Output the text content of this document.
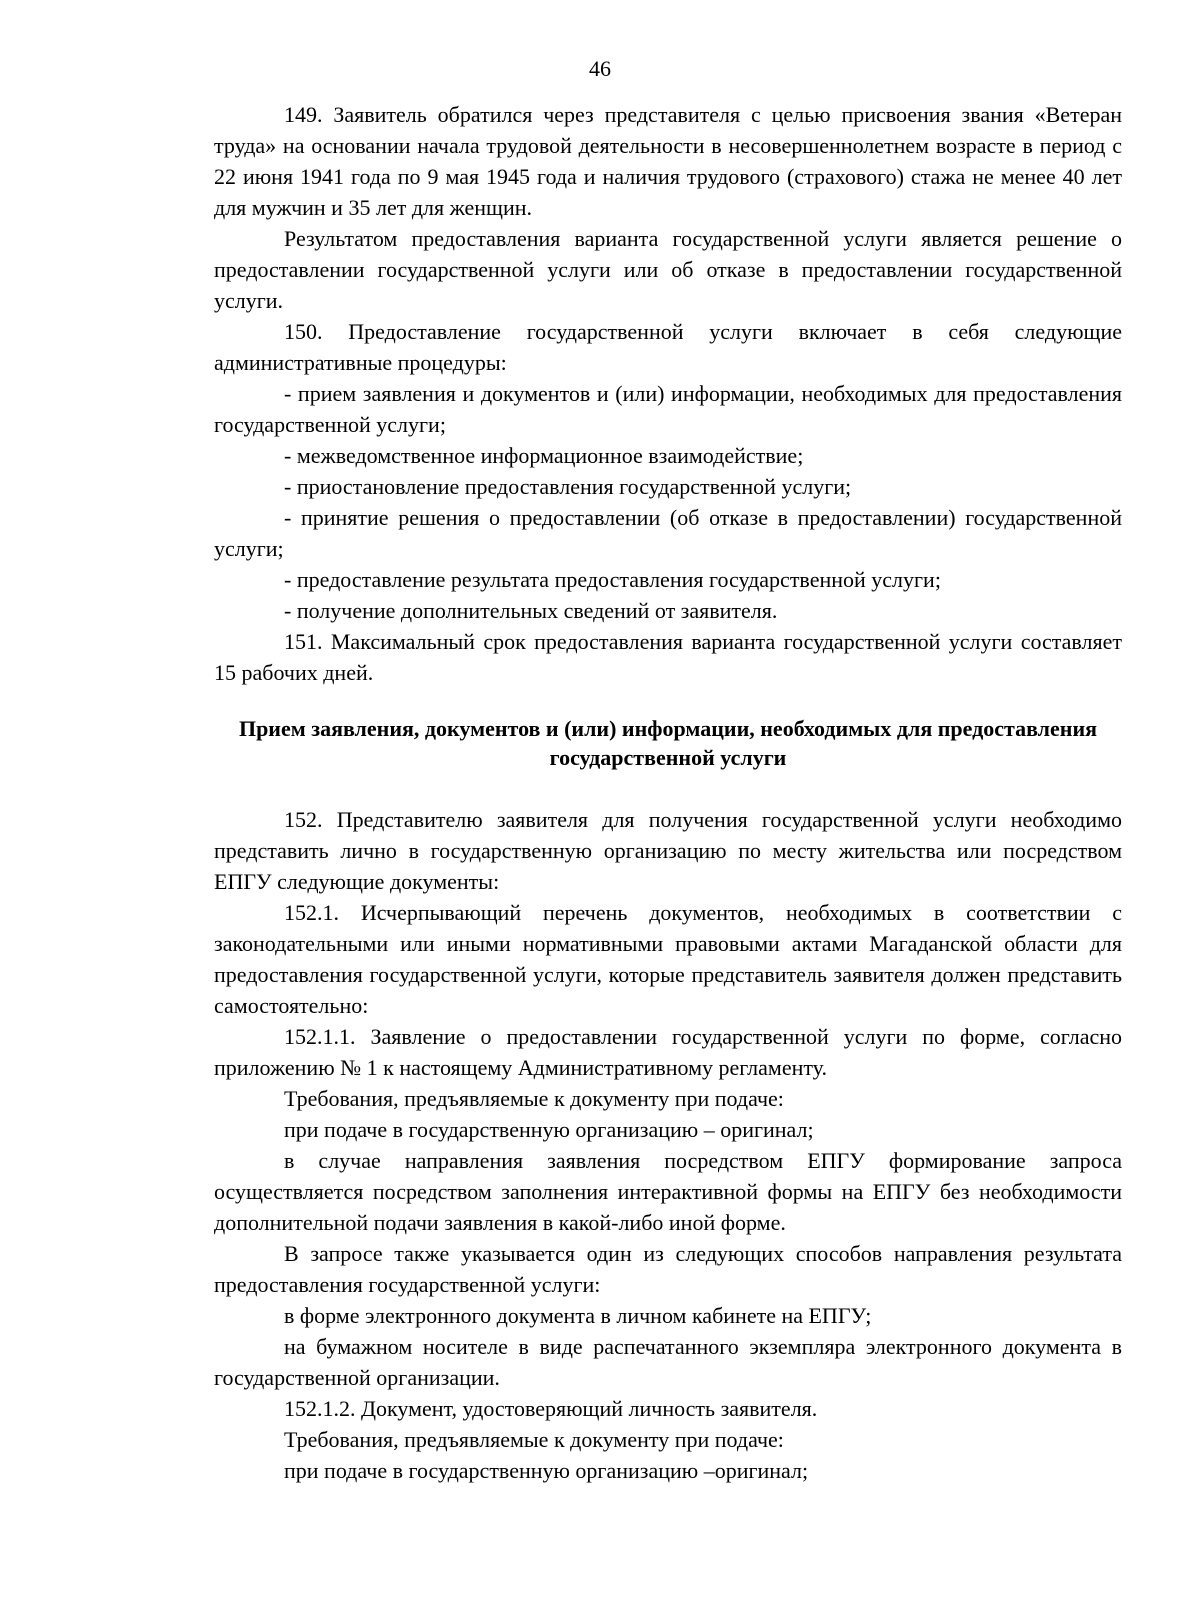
46

149. Заявитель обратился через представителя с целью присвоения звания «Ветеран труда» на основании начала трудовой деятельности в несовершеннолетнем возрасте в период с 22 июня 1941 года по 9 мая 1945 года и наличия трудового (страхового) стажа не менее 40 лет для мужчин и 35 лет для женщин.

Результатом предоставления варианта государственной услуги является решение о предоставлении государственной услуги или об отказе в предоставлении государственной услуги.

150. Предоставление государственной услуги включает в себя следующие административные процедуры:

- прием заявления и документов и (или) информации, необходимых для предоставления государственной услуги;

- межведомственное информационное взаимодействие;

- приостановление предоставления государственной услуги;

- принятие решения о предоставлении (об отказе в предоставлении) государственной услуги;

- предоставление результата предоставления государственной услуги;

- получение дополнительных сведений от заявителя.

151. Максимальный срок предоставления варианта государственной услуги составляет 15 рабочих дней.

Прием заявления, документов и (или) информации, необходимых для предоставления государственной услуги

152. Представителю заявителя для получения государственной услуги необходимо представить лично в государственную организацию по месту жительства или посредством ЕПГУ следующие документы:

152.1. Исчерпывающий перечень документов, необходимых в соответствии с законодательными или иными нормативными правовыми актами Магаданской области для предоставления государственной услуги, которые представитель заявителя должен представить самостоятельно:

152.1.1. Заявление о предоставлении государственной услуги по форме, согласно приложению № 1 к настоящему Административному регламенту.

Требования, предъявляемые к документу при подаче:

при подаче в государственную организацию – оригинал;

в случае направления заявления посредством ЕПГУ формирование запроса осуществляется посредством заполнения интерактивной формы на ЕПГУ без необходимости дополнительной подачи заявления в какой-либо иной форме.

В запросе также указывается один из следующих способов направления результата предоставления государственной услуги:

в форме электронного документа в личном кабинете на ЕПГУ;

на бумажном носителе в виде распечатанного экземпляра электронного документа в государственной организации.

152.1.2. Документ, удостоверяющий личность заявителя.

Требования, предъявляемые к документу при подаче:

при подаче в государственную организацию –оригинал;
